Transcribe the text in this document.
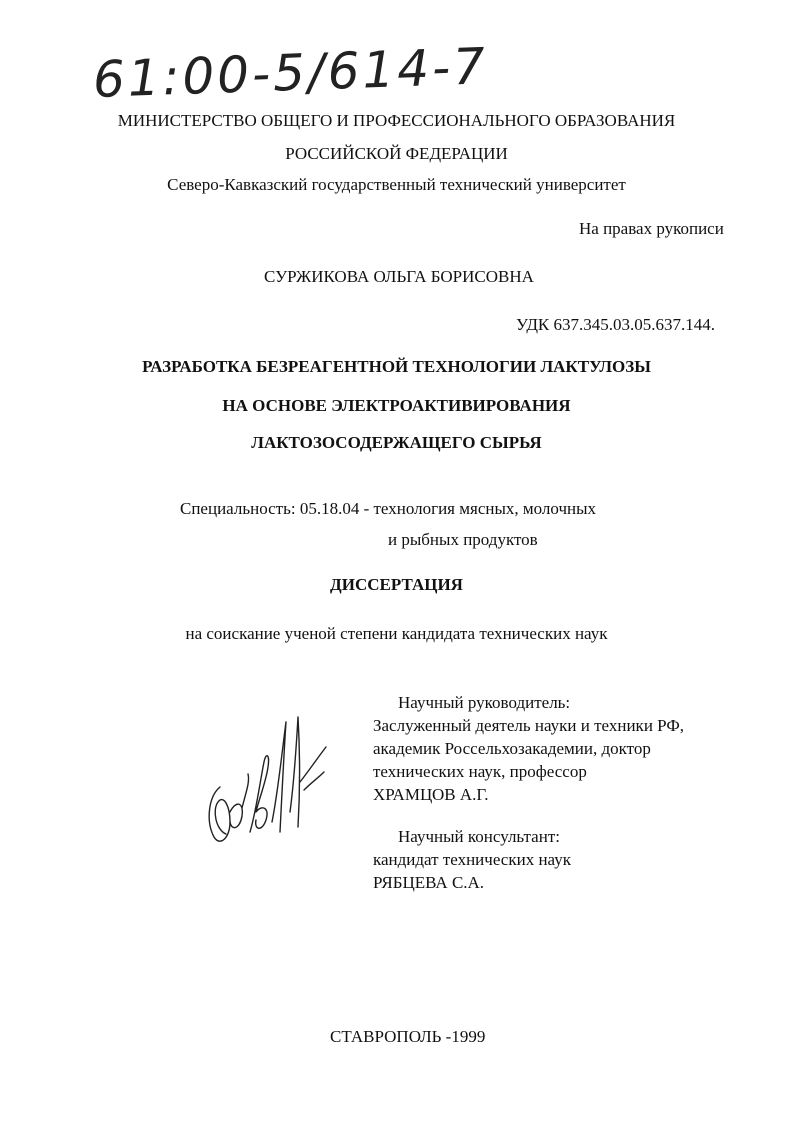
61:00-5/614-7
МИНИСТЕРСТВО ОБЩЕГО И ПРОФЕССИОНАЛЬНОГО ОБРАЗОВАНИЯ
РОССИЙСКОЙ ФЕДЕРАЦИИ
Северо-Кавказский государственный технический университет
На правах рукописи
СУРЖИКОВА ОЛЬГА БОРИСОВНА
УДК 637.345.03.05.637.144.
РАЗРАБОТКА БЕЗРЕАГЕНТНОЙ ТЕХНОЛОГИИ ЛАКТУЛОЗЫ
НА ОСНОВЕ ЭЛЕКТРОАКТИВИРОВАНИЯ
ЛАКТОЗОСОДЕРЖАЩЕГО СЫРЬЯ
Специальность: 05.18.04 - технология мясных, молочных
и рыбных продуктов
ДИССЕРТАЦИЯ
на соискание ученой степени кандидата технических наук
Научный руководитель:
Заслуженный деятель науки и техники РФ,
академик Россельхозакадемии, доктор
технических наук, профессор
ХРАМЦОВ А.Г.
Научный консультант:
кандидат технических наук
РЯБЦЕВА С.А.
СТАВРОПОЛЬ -1999
